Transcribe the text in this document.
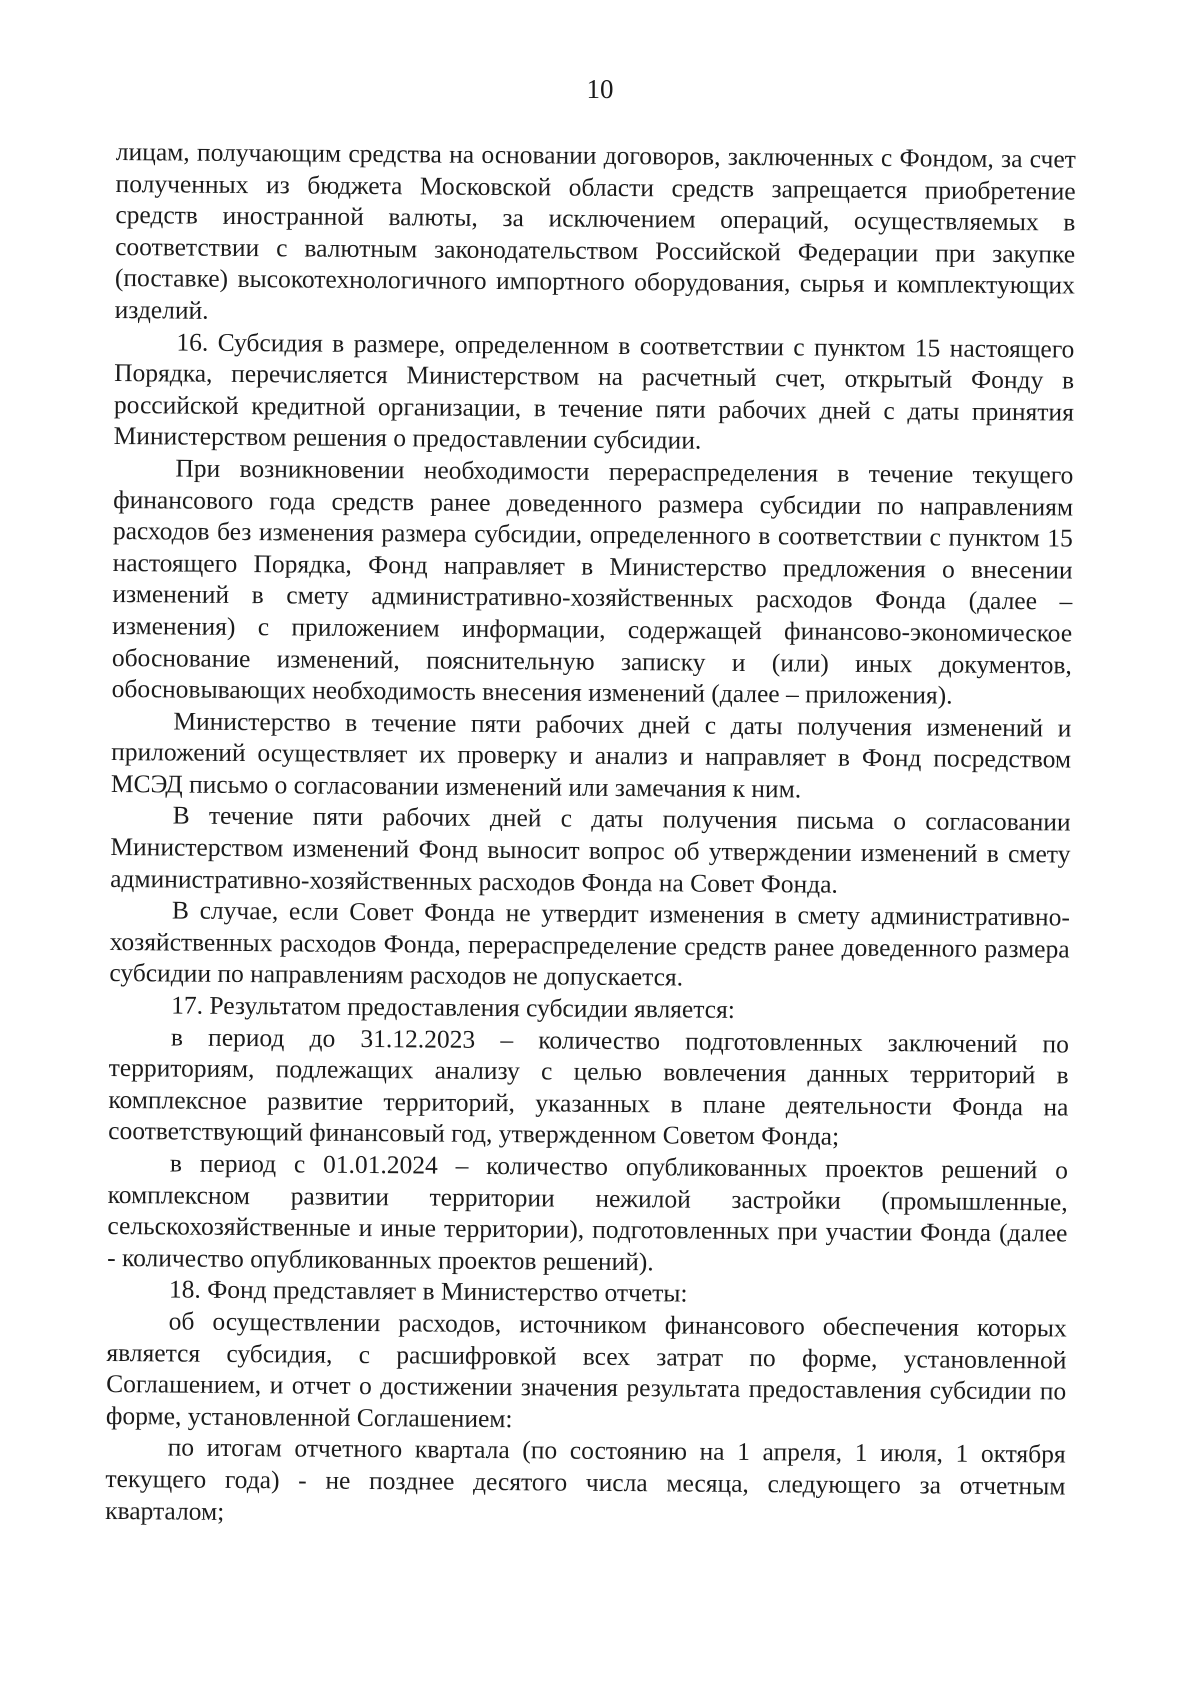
10

лицам, получающим средства на основании договоров, заключенных с Фондом, за счет полученных из бюджета Московской области средств запрещается приобретение средств иностранной валюты, за исключением операций, осуществляемых в соответствии с валютным законодательством Российской Федерации при закупке (поставке) высокотехнологичного импортного оборудования, сырья и комплектующих изделий.

16. Субсидия в размере, определенном в соответствии с пунктом 15 настоящего Порядка, перечисляется Министерством на расчетный счет, открытый Фонду в российской кредитной организации, в течение пяти рабочих дней с даты принятия Министерством решения о предоставлении субсидии.

При возникновении необходимости перераспределения в течение текущего финансового года средств ранее доведенного размера субсидии по направлениям расходов без изменения размера субсидии, определенного в соответствии с пунктом 15 настоящего Порядка, Фонд направляет в Министерство предложения о внесении изменений в смету административно-хозяйственных расходов Фонда (далее – изменения) с приложением информации, содержащей финансово-экономическое обоснование изменений, пояснительную записку и (или) иных документов, обосновывающих необходимость внесения изменений (далее – приложения).

Министерство в течение пяти рабочих дней с даты получения изменений и приложений осуществляет их проверку и анализ и направляет в Фонд посредством МСЭД письмо о согласовании изменений или замечания к ним.

В течение пяти рабочих дней с даты получения письма о согласовании Министерством изменений Фонд выносит вопрос об утверждении изменений в смету административно-хозяйственных расходов Фонда на Совет Фонда.

В случае, если Совет Фонда не утвердит изменения в смету административно-хозяйственных расходов Фонда, перераспределение средств ранее доведенного размера субсидии по направлениям расходов не допускается.

17. Результатом предоставления субсидии является:

в период до 31.12.2023 – количество подготовленных заключений по территориям, подлежащих анализу с целью вовлечения данных территорий в комплексное развитие территорий, указанных в плане деятельности Фонда на соответствующий финансовый год, утвержденном Советом Фонда;

в период с 01.01.2024 – количество опубликованных проектов решений о комплексном развитии территории нежилой застройки (промышленные, сельскохозяйственные и иные территории), подготовленных при участии Фонда (далее - количество опубликованных проектов решений).

18. Фонд представляет в Министерство отчеты:

об осуществлении расходов, источником финансового обеспечения которых является субсидия, с расшифровкой всех затрат по форме, установленной Соглашением, и отчет о достижении значения результата предоставления субсидии по форме, установленной Соглашением:

по итогам отчетного квартала (по состоянию на 1 апреля, 1 июля, 1 октября текущего года) - не позднее десятого числа месяца, следующего за отчетным кварталом;
